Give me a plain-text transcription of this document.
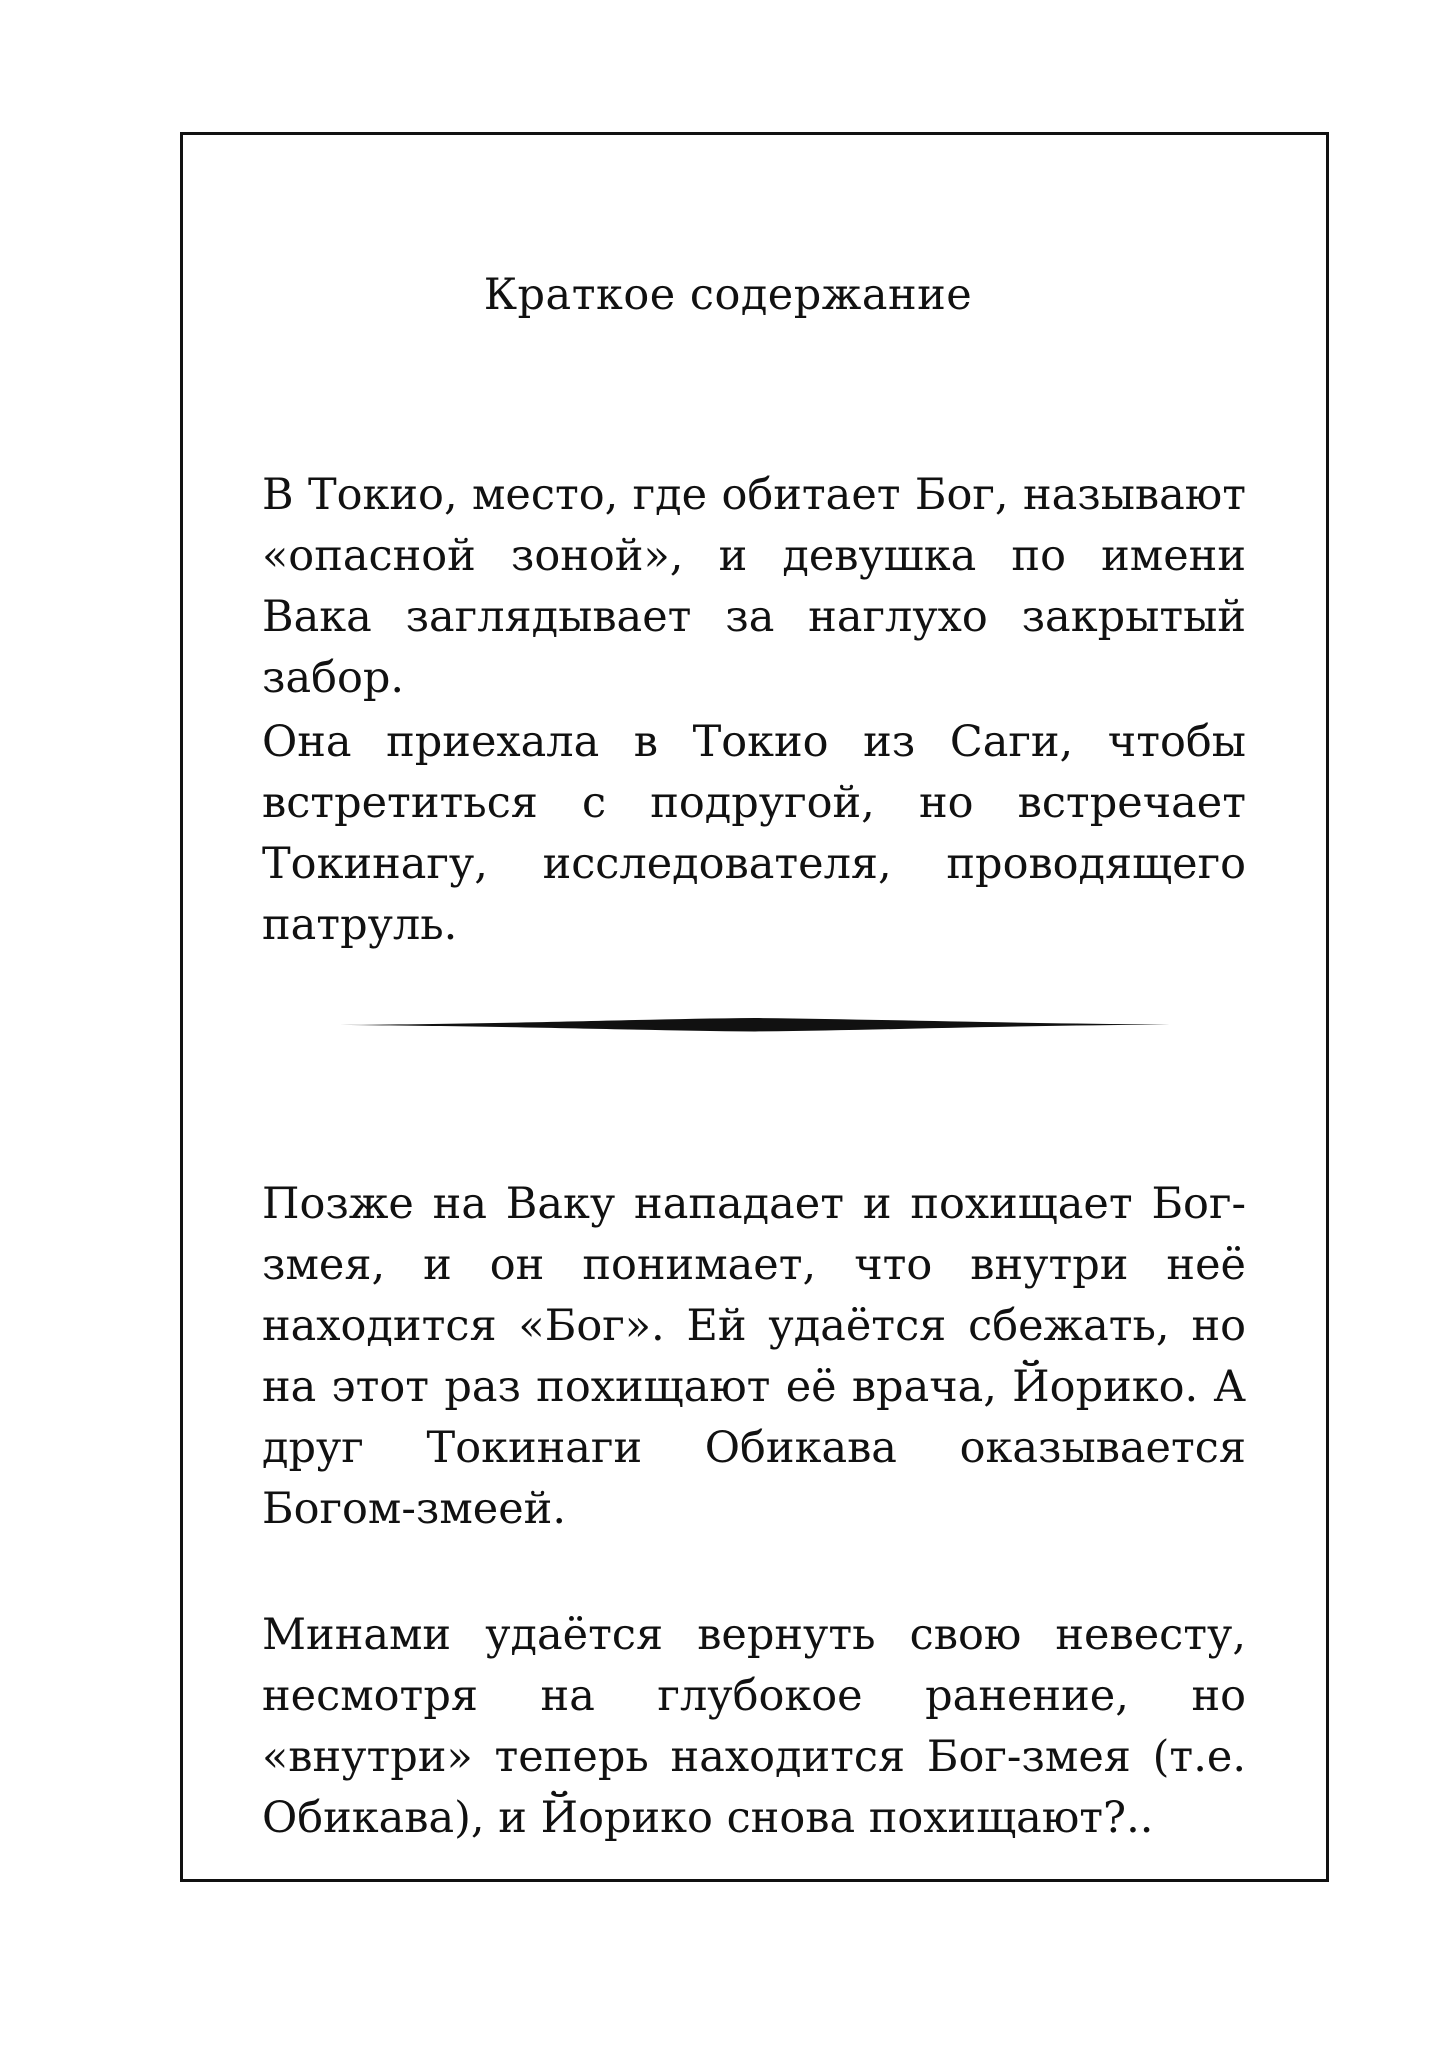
Краткое содержание

В Токио, место, где обитает Бог, называют «опасной зоной», и девушка по имени Вака заглядывает за наглухо закрытый забор.

Она приехала в Токио из Саги, чтобы встретиться с подругой, но встречает Токинагу, исследователя, проводящего патруль.

Позже на Ваку нападает и похищает Бог-змея, и он понимает, что внутри неё находится «Бог». Ей удаётся сбежать, но на этот раз похищают её врача, Йорико. А друг Токинаги Обикава оказывается Богом-змеей.

Минами удаётся вернуть свою невесту, несмотря на глубокое ранение, но «внутри» теперь находится Бог-змея (т.е. Обикава), и Йорико снова похищают?..
